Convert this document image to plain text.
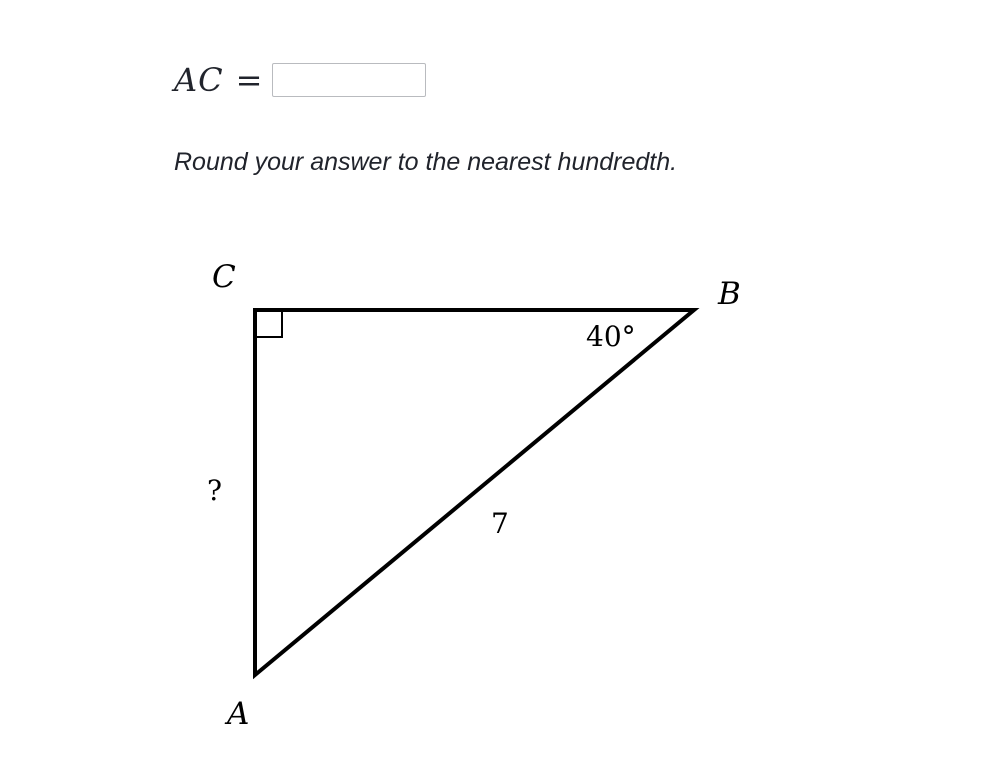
AC =
Round your answer to the nearest hundredth.
C	B
A
40°
7
?
